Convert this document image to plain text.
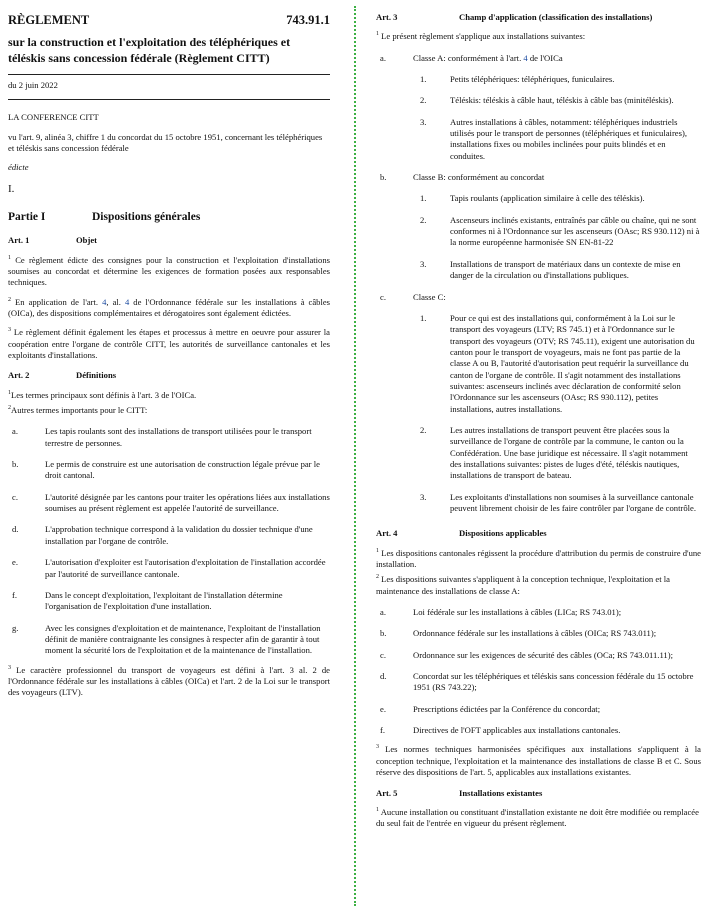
RÈGLEMENT	743.91.1
sur la construction et l'exploitation des téléphériques et téléskis sans concession fédérale (Règlement CITT)
du 2 juin 2022
LA CONFERENCE CITT
vu l'art. 9, alinéa 3, chiffre 1 du concordat du 15 octobre 1951, concernant les téléphériques et téléskis sans concession fédérale
édicte
I.
Partie I	Dispositions générales
Art. 1	Objet
$^1$ Ce règlement édicte des consignes pour la construction et l'exploitation d'installations soumises au concordat et détermine les exigences de formation posées aux responsables techniques.
$^2$ En application de l'art. 4, al. 4 de l'Ordonnance fédérale sur les installations à câbles (OICa), des dispositions complémentaires et dérogatoires sont également édictées.
$^3$ Le règlement définit également les étapes et processus à mettre en oeuvre pour assurer la coopération entre l'organe de contrôle CITT, les autorités de surveillance cantonales et les exploitants d'installations.
Art. 2	Définitions
$^1$Les termes principaux sont définis à l'art. 3 de l'OICa.
$^2$Autres termes importants pour le CITT:
a.	Les tapis roulants sont des installations de transport utilisées pour le transport terrestre de personnes.
b.	Le permis de construire est une autorisation de construction légale prévue par le droit cantonal.
c.	L'autorité désignée par les cantons pour traiter les opérations liées aux installations soumises au présent règlement est appelée l'autorité de surveillance.
d.	L'approbation technique correspond à la validation du dossier technique d'une installation par l'organe de contrôle.
e.	L'autorisation d'exploiter est l'autorisation d'exploitation de l'installation accordée par l'autorité de surveillance cantonale.
f.	Dans le concept d'exploitation, l'exploitant de l'installation détermine l'organisation de l'exploitation d'une installation.
g.	Avec les consignes d'exploitation et de maintenance, l'exploitant de l'installation définit de manière contraignante les consignes à respecter afin de garantir à tout moment la sécurité lors de l'exploitation et de la maintenance de l'installation.
$^3$ Le caractère professionnel du transport de voyageurs est défini à l'art. 3 al. 2 de l'Ordonnance fédérale sur les installations à câbles (OICa) et l'art. 2 de la Loi sur le transport des voyageurs (LTV).
Art. 3	Champ d'application (classification des installations)
$^1$ Le présent règlement s'applique aux installations suivantes:
a.	Classe A: conformément à l'art. 4 de l'OICa
1.	Petits téléphériques: téléphériques, funiculaires.
2.	Téléskis: téléskis à câble haut, téléskis à câble bas (minitéléskis).
3.	Autres installations à câbles, notamment: téléphériques industriels utilisés pour le transport de personnes (téléphériques et funiculaires), installations fixes ou mobiles inclinées pour puits blindés et en conduites.
b.	Classe B: conformément au concordat
1.	Tapis roulants (application similaire à celle des téléskis).
2.	Ascenseurs inclinés existants, entraînés par câble ou chaîne, qui ne sont conformes ni à l'Ordonnance sur les ascenseurs (OAsc; RS 930.112) ni à la norme européenne harmonisée SN EN-81-22
3.	Installations de transport de matériaux dans un contexte de mise en danger de la circulation ou d'installations publiques.
c.	Classe C:
1.	Pour ce qui est des installations qui, conformément à la Loi sur le transport des voyageurs (LTV; RS 745.1) et à l'Ordonnance sur le transport des voyageurs (OTV; RS 745.11), exigent une autorisation du canton pour le transport de voyageurs, mais ne font pas partie de la classe A ou B, l'autorité d'autorisation peut requérir la surveillance du canton de l'organe de contrôle. Il s'agit notamment des installations suivantes: ascenseurs inclinés avec déclaration de conformité selon l'Ordonnance sur les ascenseurs (OAsc; RS 930.112), petites installations, autres installations.
2.	Les autres installations de transport peuvent être placées sous la surveillance de l'organe de contrôle par la commune, le canton ou la Confédération. Une base juridique est nécessaire. Il s'agit notamment des installations suivantes: pistes de luges d'été, téléskis nautiques, installations de transport de bateau.
3.	Les exploitants d'installations non soumises à la surveillance cantonale peuvent librement choisir de les faire contrôler par l'organe de contrôle.
Art. 4	Dispositions applicables
$^1$ Les dispositions cantonales régissent la procédure d'attribution du permis de construire d'une installation.
$^2$ Les dispositions suivantes s'appliquent à la conception technique, l'exploitation et la maintenance des installations de classe A:
a.	Loi fédérale sur les installations à câbles (LICa; RS 743.01);
b.	Ordonnance fédérale sur les installations à câbles (OICa; RS 743.011);
c.	Ordonnance sur les exigences de sécurité des câbles (OCa; RS 743.011.11);
d.	Concordat sur les téléphériques et téléskis sans concession fédérale du 15 octobre 1951 (RS 743.22);
e.	Prescriptions édictées par la Conférence du concordat;
f.	Directives de l'OFT applicables aux installations cantonales.
$^3$ Les normes techniques harmonisées spécifiques aux installations s'appliquent à la conception technique, l'exploitation et la maintenance des installations de classe B et C. Sous réserve des dispositions de l'art. 5, applicables aux installations existantes.
Art. 5	Installations existantes
$^1$ Aucune installation ou constituant d'installation existante ne doit être modifiée ou remplacée du seul fait de l'entrée en vigueur du présent règlement.
